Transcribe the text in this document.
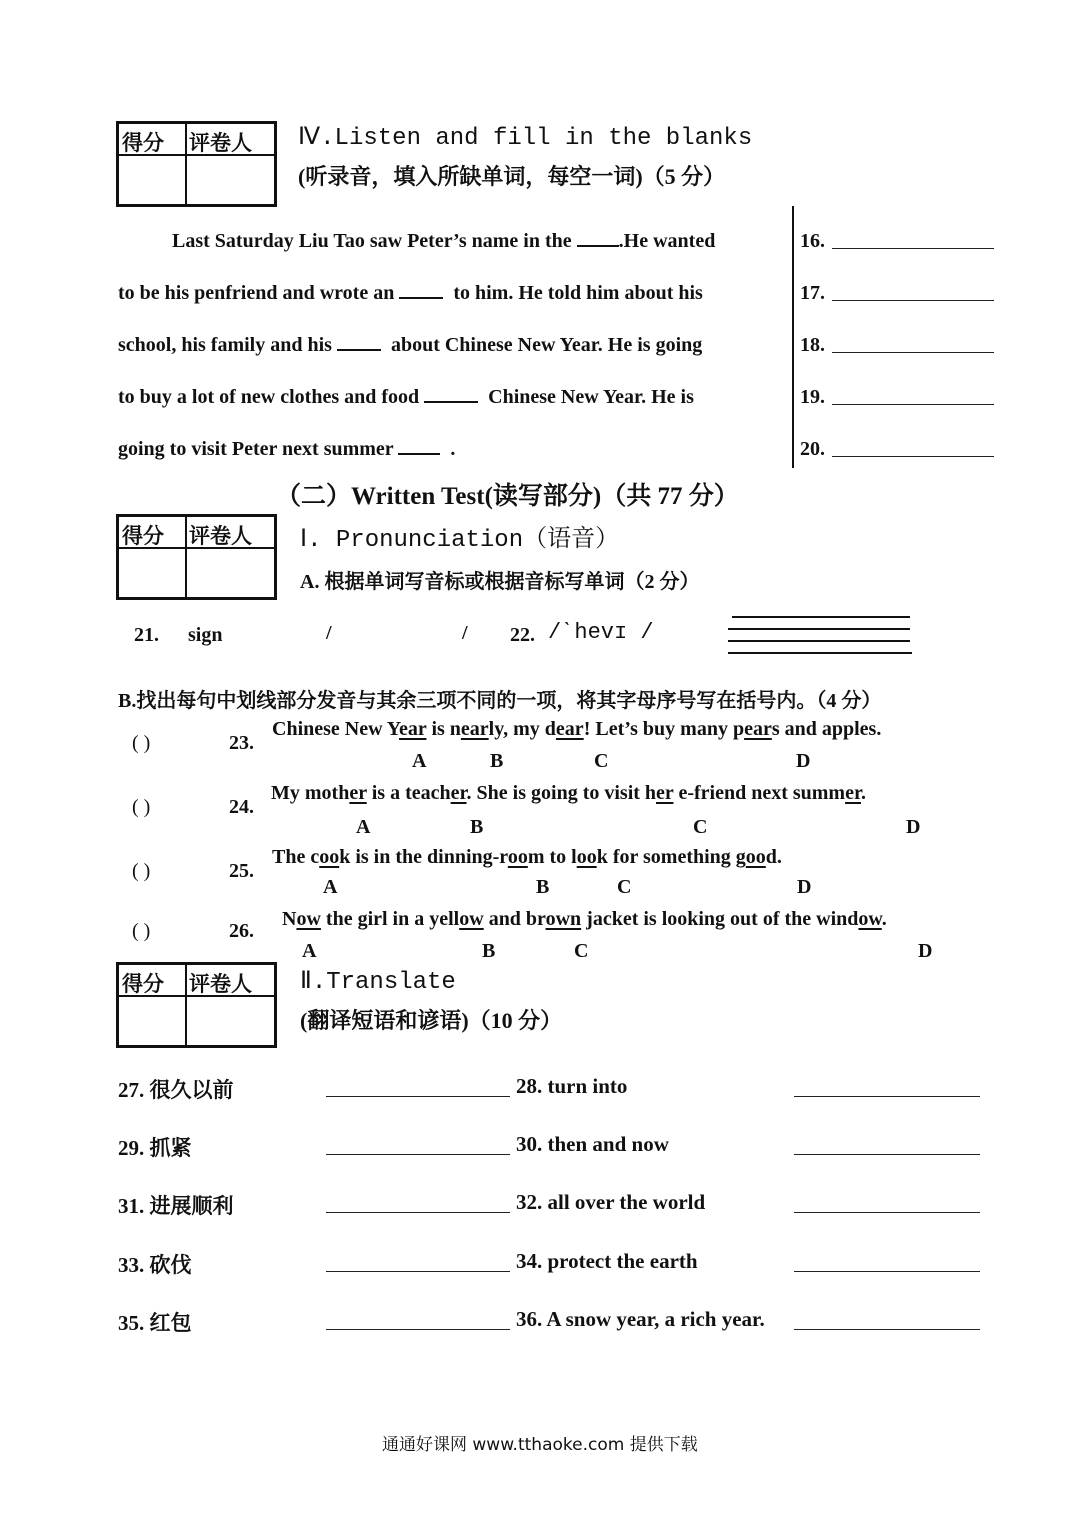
得分 评卷人 Ⅳ.Listen and fill in the blanks
(听录音，填入所缺单词，每空一词)（5 分）
Last Saturday Liu Tao saw Peter’s name in the .He wanted
to be his penfriend and wrote an	to him. He told him about his
school, his family and his	about Chinese New Year. He is going
to buy a lot of new clothes and food	Chinese New Year. He is
going to visit Peter next summer	.
16.
17.
18.
19.
20.
（二）Written Test(读写部分)（共 77 分）
得分 评卷人 Ⅰ. Pronunciation（语音）
A. 根据单词写音标或根据音标写单词（2 分）
21. sign	/	/ 22. /ˋhevɪ /
B.找出每句中划线部分发音与其余三项不同的一项，将其字母序号写在括号内。（4 分）
( )	23.
Chinese New Year is nearly, my dear! Let’s buy many pears and apples.
A	B	C	D
( )	24.
My mother is a teacher. She is going to visit her e-friend next summer.
A	B	C	D
( )	25.
The cook is in the dinning-room to look for something good.
A	B	C	D
( )	26.
Now the girl in a yellow and brown jacket is looking out of the window.
A	B	C	D
得分 评卷人 Ⅱ.Translate
(翻译短语和谚语)（10 分）
27. 很久以前	28. turn into
29. 抓紧	30. then and now
31. 进展顺利	32. all over the world
33. 砍伐	34. protect the earth
35. 红包	36. A snow year, a rich year.
通通好课网 www.tthaoke.com 提供下载
